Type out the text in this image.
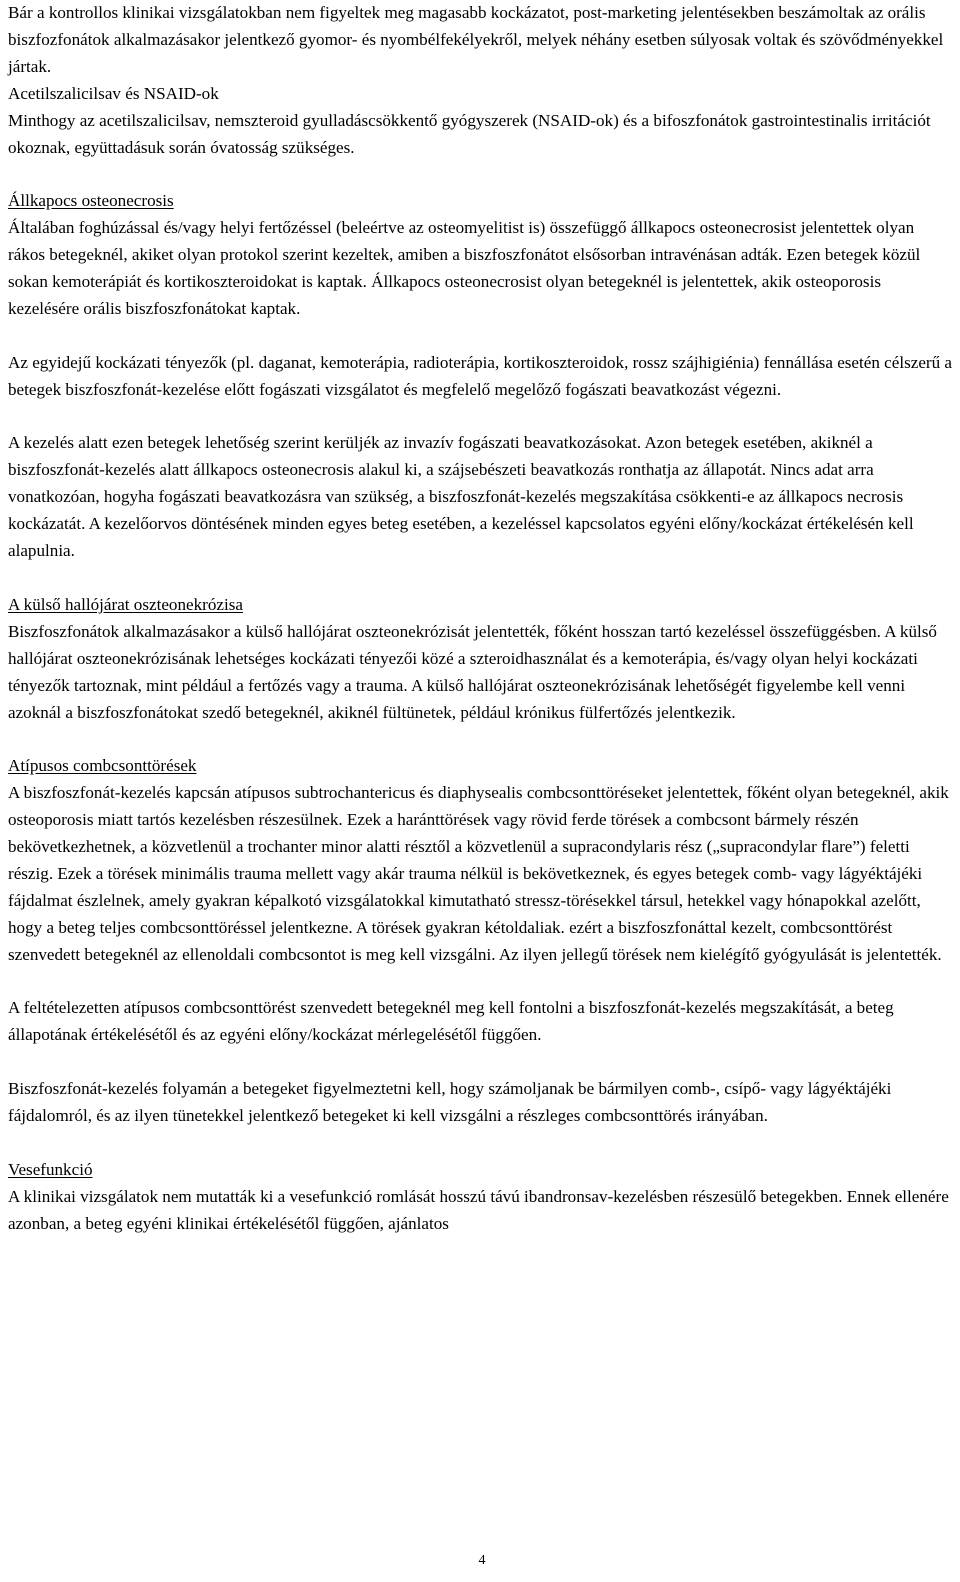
Bár a kontrollos klinikai vizsgálatokban nem figyeltek meg magasabb kockázatot, post-marketing jelentésekben beszámoltak az orális biszfozfonátok alkalmazásakor jelentkező gyomor- és nyombélfekélyekről, melyek néhány esetben súlyosak voltak és szövődményekkel jártak.

Acetilszalicilsav és NSAID-ok

Minthogy az acetilszalicilsav, nemszteroid gyulladáscsökkentő gyógyszerek (NSAID-ok) és a bifoszfonátok gastrointestinalis irritációt okoznak, együttadásuk során óvatosság szükséges.

Állkapocs osteonecrosis

Általában foghúzással és/vagy helyi fertőzéssel (beleértve az osteomyelitist is) összefüggő állkapocs osteonecrosist jelentettek olyan rákos betegeknél, akiket olyan protokol szerint kezeltek, amiben a biszfoszfonátot elsősorban intravénásan adták. Ezen betegek közül sokan kemoterápiát és kortikoszteroidokat is kaptak. Állkapocs osteonecrosist olyan betegeknél is jelentettek, akik osteoporosis kezelésére orális biszfoszfonátokat kaptak.

Az egyidejű kockázati tényezők (pl. daganat, kemoterápia, radioterápia, kortikoszteroidok, rossz szájhigiénia) fennállása esetén célszerű a betegek biszfoszfonát-kezelése előtt fogászati vizsgálatot és megfelelő megelőző fogászati beavatkozást végezni.

A kezelés alatt ezen betegek lehetőség szerint kerüljék az invazív fogászati beavatkozásokat. Azon betegek esetében, akiknél a biszfoszfonát-kezelés alatt állkapocs osteonecrosis alakul ki, a szájsebészeti beavatkozás ronthatja az állapotát. Nincs adat arra vonatkozóan, hogyha fogászati beavatkozásra van szükség, a biszfoszfonát-kezelés megszakítása csökkenti-e az állkapocs necrosis kockázatát. A kezelőorvos döntésének minden egyes beteg esetében, a kezeléssel kapcsolatos egyéni előny/kockázat értékelésén kell alapulnia.

A külső hallójárat oszteonekrózisa

Biszfoszfonátok alkalmazásakor a külső hallójárat oszteonekrózisát jelentették, főként hosszan tartó kezeléssel összefüggésben. A külső hallójárat oszteonekrózisának lehetséges kockázati tényezői közé a szteroidhasználat és a kemoterápia, és/vagy olyan helyi kockázati tényezők tartoznak, mint például a fertőzés vagy a trauma. A külső hallójárat oszteonekrózisának lehetőségét figyelembe kell venni azoknál a biszfoszfonátokat szedő betegeknél, akiknél fültünetek, például krónikus fülfertőzés jelentkezik.

Atípusos combcsonttörések

A biszfoszfonát-kezelés kapcsán atípusos subtrochantericus és diaphysealis combcsonttöréseket jelentettek, főként olyan betegeknél, akik osteoporosis miatt tartós kezelésben részesülnek. Ezek a haránttörések vagy rövid ferde törések a combcsont bármely részén bekövetkezhetnek, a közvetlenül a trochanter minor alatti résztől a közvetlenül a supracondylaris rész („supracondylar flare”) feletti részig. Ezek a törések minimális trauma mellett vagy akár trauma nélkül is bekövetkeznek, és egyes betegek comb- vagy lágyéktájéki fájdalmat észlelnek, amely gyakran képalkotó vizsgálatokkal kimutatható stressz-törésekkel társul, hetekkel vagy hónapokkal azelőtt, hogy a beteg teljes combcsonttöréssel jelentkezne. A törések gyakran kétoldaliak. ezért a biszfoszfonáttal kezelt, combcsonttörést szenvedett betegeknél az ellenoldali combcsontot is meg kell vizsgálni. Az ilyen jellegű törések nem kielégítő gyógyulását is jelentették.

A feltételezetten atípusos combcsonttörést szenvedett betegeknél meg kell fontolni a biszfoszfonát-kezelés megszakítását, a beteg állapotának értékelésétől és az egyéni előny/kockázat mérlegelésétől függően.

Biszfoszfonát-kezelés folyamán a betegeket figyelmeztetni kell, hogy számoljanak be bármilyen comb-, csípő- vagy lágyéktájéki fájdalomról, és az ilyen tünetekkel jelentkező betegeket ki kell vizsgálni a részleges combcsonttörés irányában.

Vesefunkció

A klinikai vizsgálatok nem mutatták ki a vesefunkció romlását hosszú távú ibandronsav-kezelésben részesülő betegekben. Ennek ellenére azonban, a beteg egyéni klinikai értékelésétől függően, ajánlatos

4
